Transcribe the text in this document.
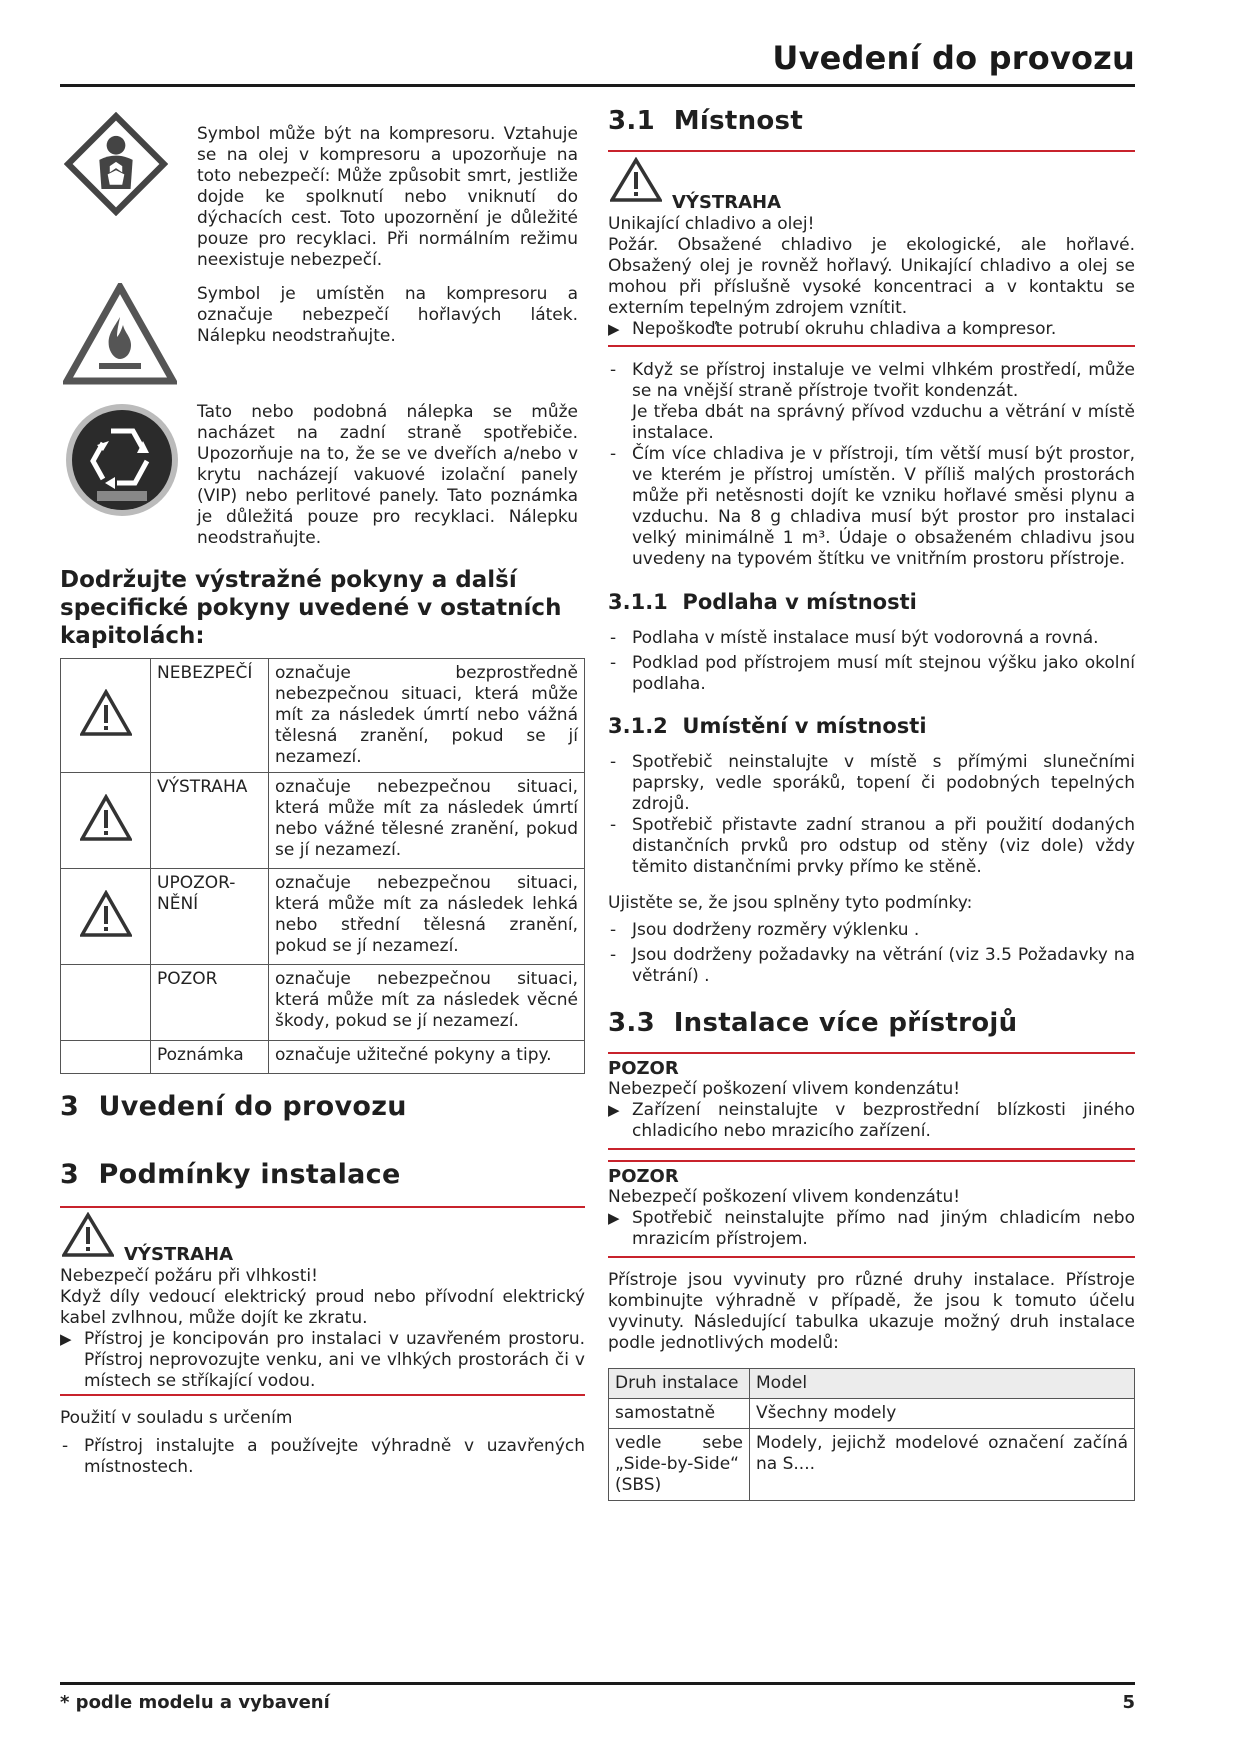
Uvedení do provozu
Symbol může být na kompresoru. Vztahuje se na olej v kompresoru a upozorňuje na toto nebezpečí: Může způsobit smrt, jestliže dojde ke spolknutí nebo vniknutí do dýchacích cest. Toto upozornění je důležité pouze pro recyklaci. Při normálním režimu neexistuje nebezpečí.
Symbol je umístěn na kompresoru a označuje nebezpečí hořlavých látek. Nálepku neodstraňujte.
Tato nebo podobná nálepka se může nacházet na zadní straně spotřebiče. Upozorňuje na to, že se ve dveřích a/nebo v krytu nacházejí vakuové izolační panely (VIP) nebo perlitové panely. Tato poznámka je důležitá pouze pro recyklaci. Nálepku neodstraňujte.
Dodržujte výstražné pokyny a další specifické pokyny uvedené v ostatních kapitolách:
	NEBEZPEČÍ	označuje bezprostředně nebezpečnou situaci, která může mít za následek úmrtí nebo vážná tělesná zranění, pokud se jí nezamezí.
	VÝSTRAHA	označuje nebezpečnou situaci, která může mít za následek úmrtí nebo vážné tělesné zranění, pokud se jí nezamezí.
	UPOZOR-
NĚNÍ	označuje nebezpečnou situaci, která může mít za následek lehká nebo střední tělesná zranění, pokud se jí nezamezí.
	POZOR	označuje nebezpečnou situaci, která může mít za následek věcné škody, pokud se jí nezamezí.
	Poznámka	označuje užitečné pokyny a tipy.
3 Uvedení do provozu
3 Podmínky instalace
VÝSTRAHA
Nebezpečí požáru při vlhkosti!
Když díly vedoucí elektrický proud nebo přívodní elektrický kabel zvlhnou, může dojít ke zkratu.
▶ Přístroj je koncipován pro instalaci v uzavřeném prostoru. Přístroj neprovozujte venku, ani ve vlhkých prostorách či v místech se stříkající vodou.
Použití v souladu s určením
- Přístroj instalujte a používejte výhradně v uzavřených místnostech.
3.1 Místnost
VÝSTRAHA
Unikající chladivo a olej!
Požár. Obsažené chladivo je ekologické, ale hořlavé. Obsažený olej je rovněž hořlavý. Unikající chladivo a olej se mohou při příslušně vysoké koncentraci a v kontaktu se externím tepelným zdrojem vznítit.
▶ Nepoškoďte potrubí okruhu chladiva a kompresor.
- Když se přístroj instaluje ve velmi vlhkém prostředí, může se na vnější straně přístroje tvořit kondenzát.
Je třeba dbát na správný přívod vzduchu a větrání v místě instalace.
- Čím více chladiva je v přístroji, tím větší musí být prostor, ve kterém je přístroj umístěn. V příliš malých prostorách může při netěsnosti dojít ke vzniku hořlavé směsi plynu a vzduchu. Na 8 g chladiva musí být prostor pro instalaci velký minimálně 1 m³. Údaje o obsaženém chladivu jsou uvedeny na typovém štítku ve vnitřním prostoru přístroje.
3.1.1 Podlaha v místnosti
- Podlaha v místě instalace musí být vodorovná a rovná.
- Podklad pod přístrojem musí mít stejnou výšku jako okolní podlaha.
3.1.2 Umístění v místnosti
- Spotřebič neinstalujte v místě s přímými slunečními paprsky, vedle sporáků, topení či podobných tepelných zdrojů.
- Spotřebič přistavte zadní stranou a při použití dodaných distančních prvků pro odstup od stěny (viz dole) vždy těmito distančními prvky přímo ke stěně.
Ujistěte se, že jsou splněny tyto podmínky:
- Jsou dodrženy rozměry výklenku .
- Jsou dodrženy požadavky na větrání (viz 3.5 Požadavky na větrání) .
3.3 Instalace více přístrojů
POZOR
Nebezpečí poškození vlivem kondenzátu!
▶ Zařízení neinstalujte v bezprostřední blízkosti jiného chladicího nebo mrazicího zařízení.
POZOR
Nebezpečí poškození vlivem kondenzátu!
▶ Spotřebič neinstalujte přímo nad jiným chladicím nebo mrazicím přístrojem.
Přístroje jsou vyvinuty pro různé druhy instalace. Přístroje kombinujte výhradně v případě, že jsou k tomuto účelu vyvinuty. Následující tabulka ukazuje možný druh instalace podle jednotlivých modelů:
Druh instalace	Model
samostatně	Všechny modely
vedle sebe „Side-by-Side“ (SBS)	Modely, jejichž modelové označení začíná na S....
* podle modelu a vybavení	5
